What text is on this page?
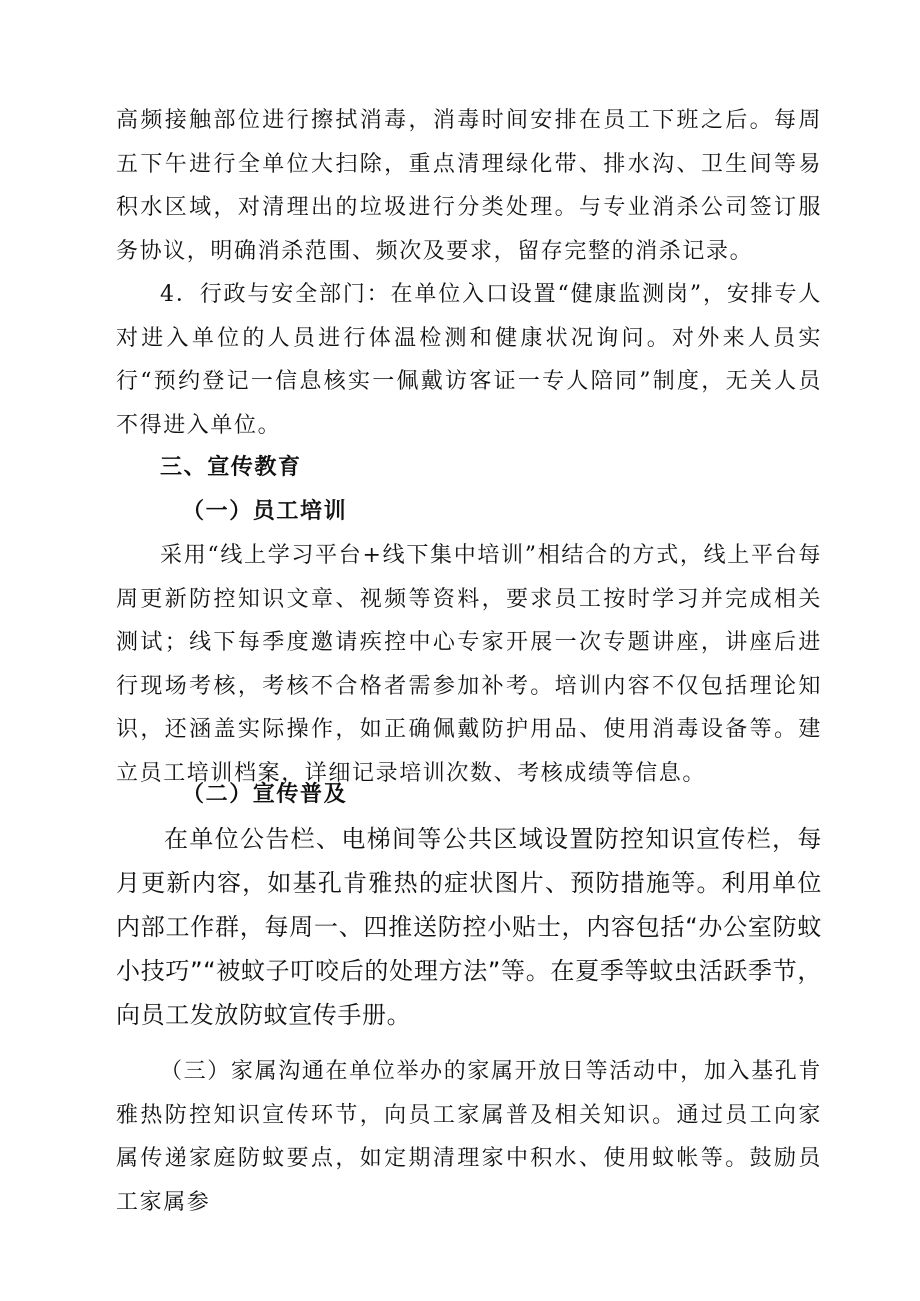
高频接触部位进行擦拭消毒，消毒时间安排在员工下班之后。每周五下午进行全单位大扫除，重点清理绿化带、排水沟、卫生间等易积水区域，对清理出的垃圾进行分类处理。与专业消杀公司签订服务协议，明确消杀范围、频次及要求，留存完整的消杀记录。

4．行政与安全部门：在单位入口设置“健康监测岗”，安排专人对进入单位的人员进行体温检测和健康状况询问。对外来人员实行“预约登记一信息核实一佩戴访客证一专人陪同”制度，无关人员不得进入单位。

三、宣传教育
（一）员工培训

采用“线上学习平台+线下集中培训”相结合的方式，线上平台每周更新防控知识文章、视频等资料，要求员工按时学习并完成相关测试；线下每季度邀请疾控中心专家开展一次专题讲座，讲座后进行现场考核，考核不合格者需参加补考。培训内容不仅包括理论知识，还涵盖实际操作，如正确佩戴防护用品、使用消毒设备等。建立员工培训档案，详细记录培训次数、考核成绩等信息。

（二）宣传普及

在单位公告栏、电梯间等公共区域设置防控知识宣传栏，每月更新内容，如基孔肯雅热的症状图片、预防措施等。利用单位内部工作群，每周一、四推送防控小贴士，内容包括“办公室防蚊小技巧”“被蚊子叮咬后的处理方法”等。在夏季等蚊虫活跃季节，向员工发放防蚊宣传手册。

（三）家属沟通在单位举办的家属开放日等活动中，加入基孔肯雅热防控知识宣传环节，向员工家属普及相关知识。通过员工向家属传递家庭防蚊要点，如定期清理家中积水、使用蚊帐等。鼓励员工家属参
